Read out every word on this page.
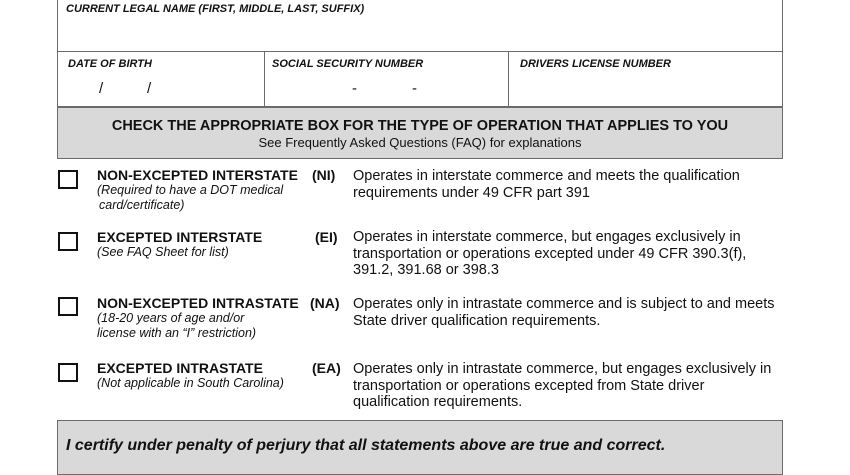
CURRENT LEGAL NAME (FIRST, MIDDLE, LAST, SUFFIX)
DATE OF BIRTH
/	/
SOCIAL SECURITY NUMBER
-	-
DRIVERS LICENSE NUMBER
CHECK THE APPROPRIATE BOX FOR THE TYPE OF OPERATION THAT APPLIES TO YOU
See Frequently Asked Questions (FAQ) for explanations
NON-EXCEPTED INTERSTATE (NI)
(Required to have a DOT medical
card/certificate)
Operates in interstate commerce and meets the qualification
requirements under 49 CFR part 391
EXCEPTED INTERSTATE	(EI)
(See FAQ Sheet for list)
Operates in interstate commerce, but engages exclusively in
transportation or operations excepted under 49 CFR 390.3(f),
391.2, 391.68 or 398.3
NON-EXCEPTED INTRASTATE (NA)
(18-20 years of age and/or
license with an “I” restriction)
Operates only in intrastate commerce and is subject to and meets
State driver qualification requirements.
EXCEPTED INTRASTATE	(EA)
(Not applicable in South Carolina)
Operates only in intrastate commerce, but engages exclusively in
transportation or operations excepted from State driver
qualification requirements.
I certify under penalty of perjury that all statements above are true and correct.
